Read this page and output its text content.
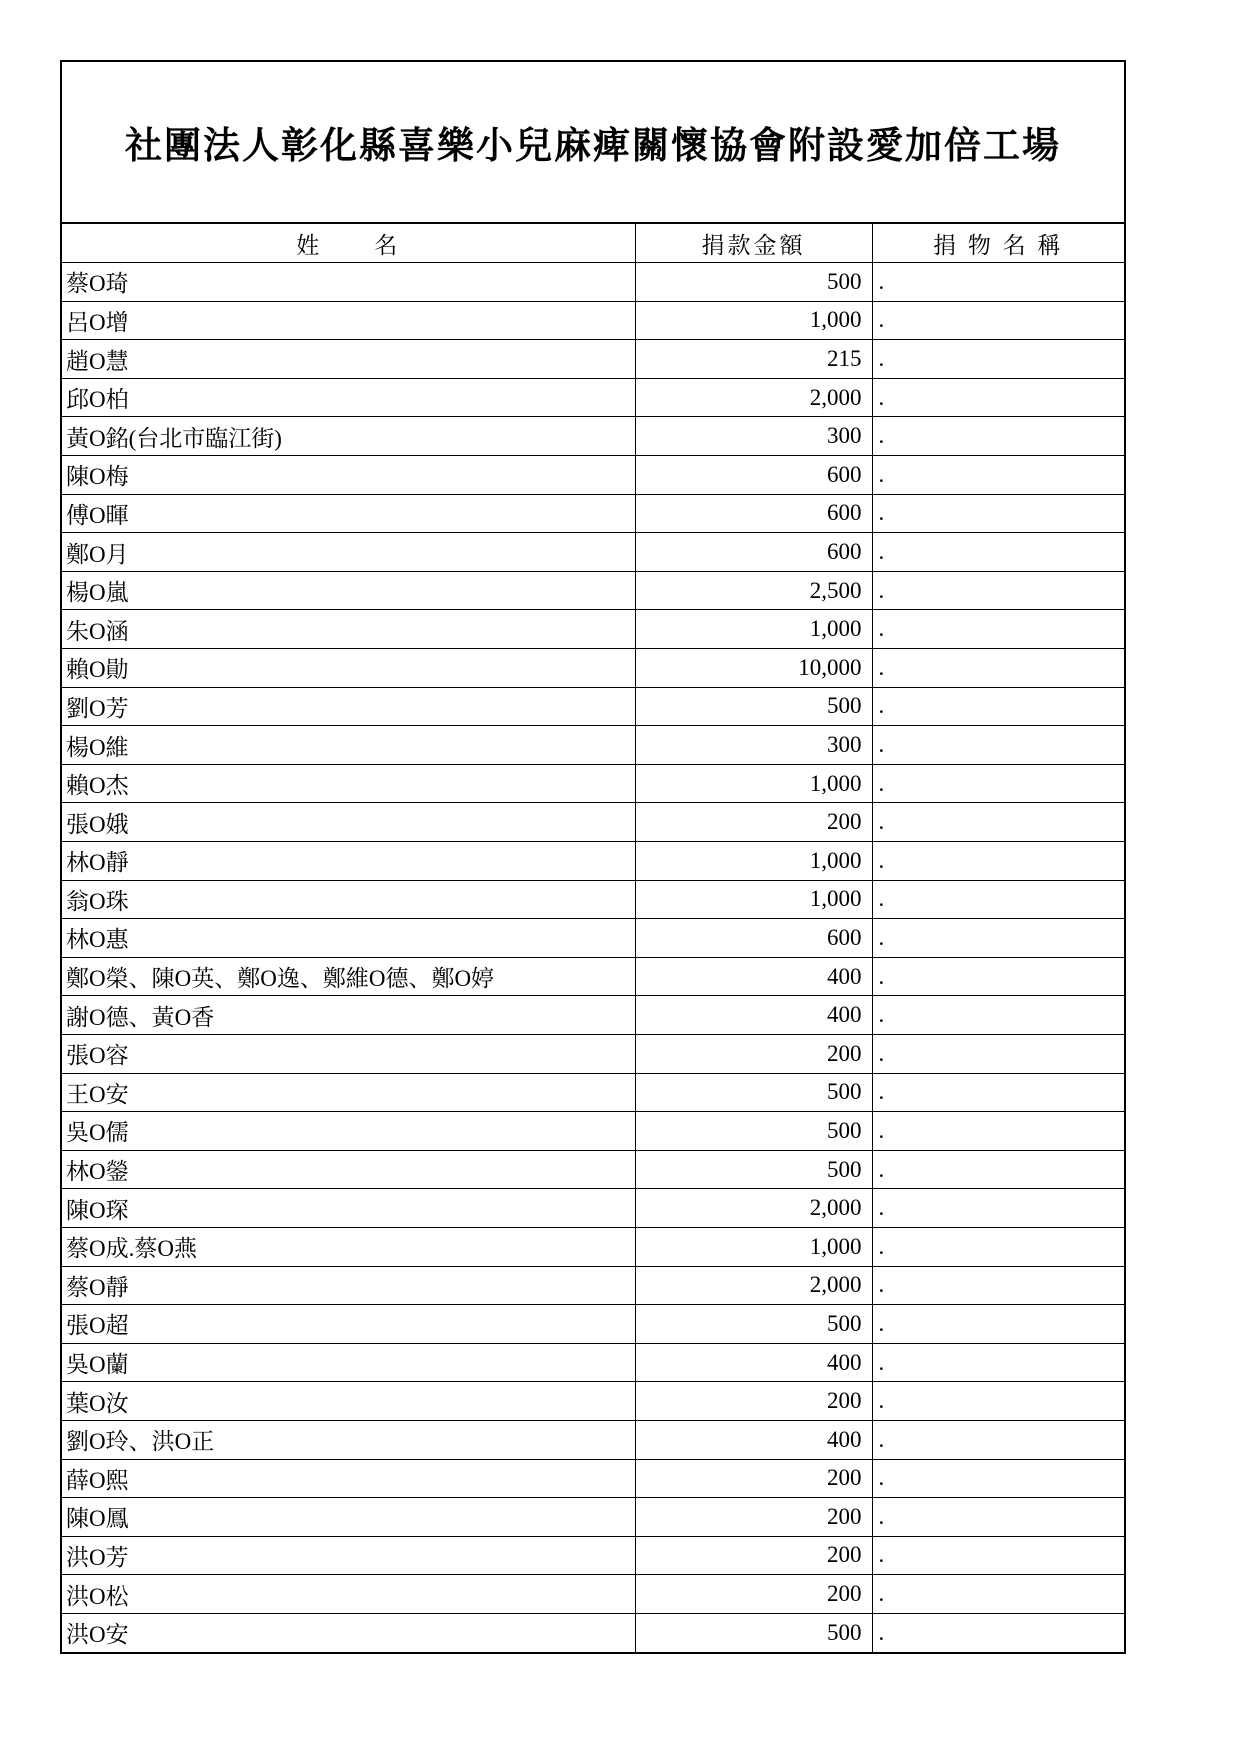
社團法人彰化縣喜樂小兒麻痺關懷協會附設愛加倍工場
姓　　名	捐款金額	捐 物 名 稱
蔡O琦	500	.
呂O增	1,000	.
趙O慧	215	.
邱O柏	2,000	.
黃O銘(台北市臨江街)	300	.
陳O梅	600	.
傅O暉	600	.
鄭O月	600	.
楊O嵐	2,500	.
朱O涵	1,000	.
賴O勛	10,000	.
劉O芳	500	.
楊O維	300	.
賴O杰	1,000	.
張O娥	200	.
林O靜	1,000	.
翁O珠	1,000	.
林O惠	600	.
鄭O榮、陳O英、鄭O逸、鄭維O德、鄭O婷	400	.
謝O德、黃O香	400	.
張O容	200	.
王O安	500	.
吳O儒	500	.
林O鎣	500	.
陳O琛	2,000	.
蔡O成.蔡O燕	1,000	.
蔡O靜	2,000	.
張O超	500	.
吳O蘭	400	.
葉O汝	200	.
劉O玲、洪O正	400	.
薛O熙	200	.
陳O鳳	200	.
洪O芳	200	.
洪O松	200	.
洪O安	500	.
